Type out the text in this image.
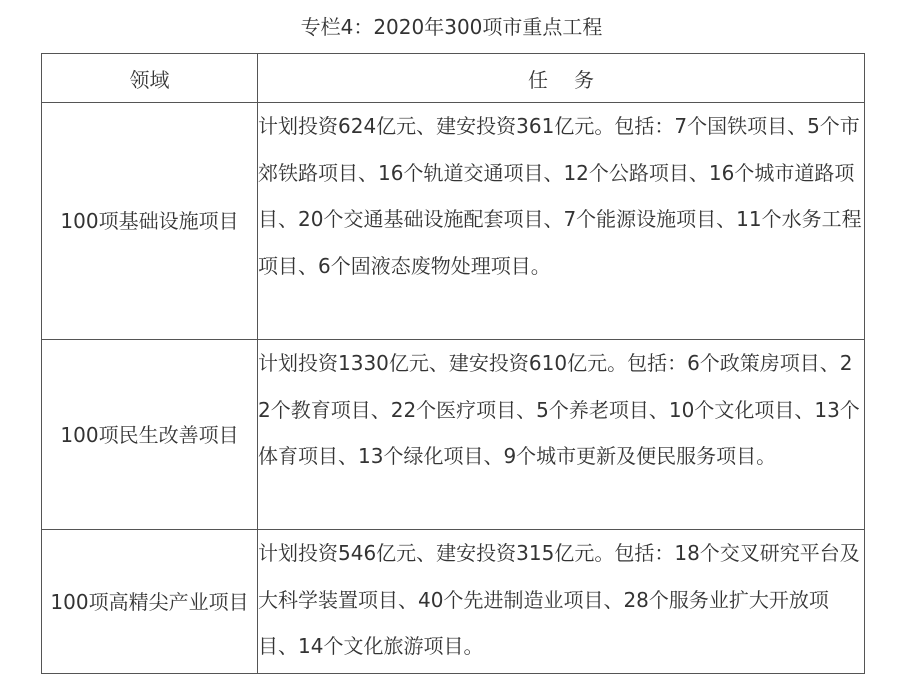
专栏4：2020年300项市重点工程
领域	任务
100项基础设施项目	计划投资624亿元、建安投资361亿元。包括：7个国铁项目、5个市郊铁路项目、16个轨道交通项目、12个公路项目、16个城市道路项目、20个交通基础设施配套项目、7个能源设施项目、11个水务工程项目、6个固液态废物处理项目。
100项民生改善项目	计划投资1330亿元、建安投资610亿元。包括：6个政策房项目、22个教育项目、22个医疗项目、5个养老项目、10个文化项目、13个体育项目、13个绿化项目、9个城市更新及便民服务项目。
100项高精尖产业项目	计划投资546亿元、建安投资315亿元。包括：18个交叉研究平台及大科学装置项目、40个先进制造业项目、28个服务业扩大开放项目、14个文化旅游项目。
